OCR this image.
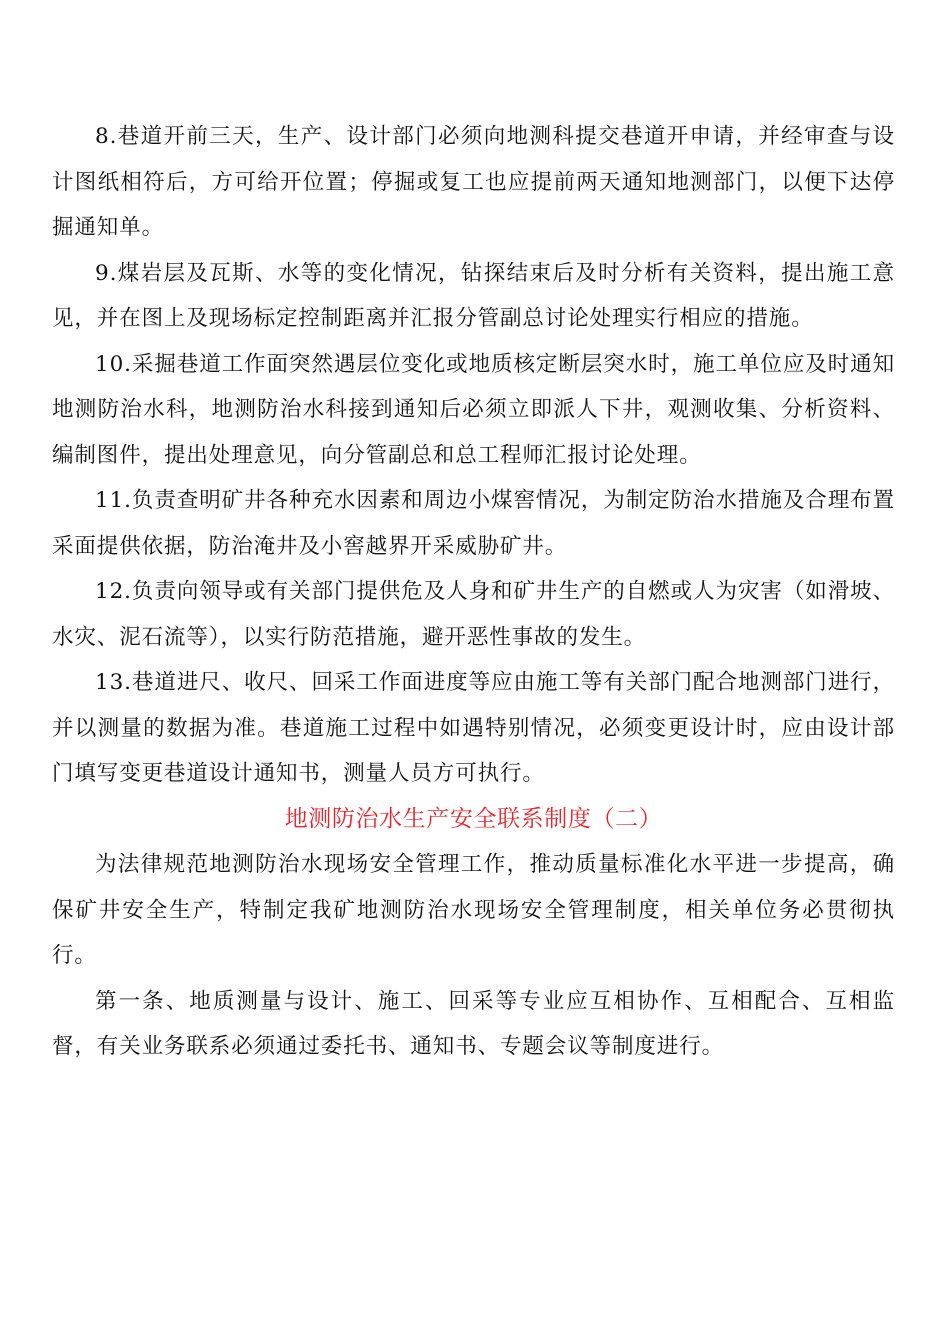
8.巷道开前三天，生产、设计部门必须向地测科提交巷道开申请，并经审查与设计图纸相符后，方可给开位置；停掘或复工也应提前两天通知地测部门，以便下达停掘通知单。

9.煤岩层及瓦斯、水等的变化情况，钻探结束后及时分析有关资料，提出施工意见，并在图上及现场标定控制距离并汇报分管副总讨论处理实行相应的措施。

10.采掘巷道工作面突然遇层位变化或地质核定断层突水时，施工单位应及时通知地测防治水科，地测防治水科接到通知后必须立即派人下井，观测收集、分析资料、编制图件，提出处理意见，向分管副总和总工程师汇报讨论处理。

11.负责查明矿井各种充水因素和周边小煤窖情况，为制定防治水措施及合理布置采面提供依据，防治淹井及小窖越界开采威胁矿井。

12.负责向领导或有关部门提供危及人身和矿井生产的自燃或人为灾害（如滑坡、水灾、泥石流等），以实行防范措施，避开恶性事故的发生。

13.巷道进尺、收尺、回采工作面进度等应由施工等有关部门配合地测部门进行，并以测量的数据为准。巷道施工过程中如遇特别情况，必须变更设计时，应由设计部门填写变更巷道设计通知书，测量人员方可执行。

地测防治水生产安全联系制度（二）

为法律规范地测防治水现场安全管理工作，推动质量标准化水平进一步提高，确保矿井安全生产，特制定我矿地测防治水现场安全管理制度，相关单位务必贯彻执行。

第一条、地质测量与设计、施工、回采等专业应互相协作、互相配合、互相监督，有关业务联系必须通过委托书、通知书、专题会议等制度进行。
